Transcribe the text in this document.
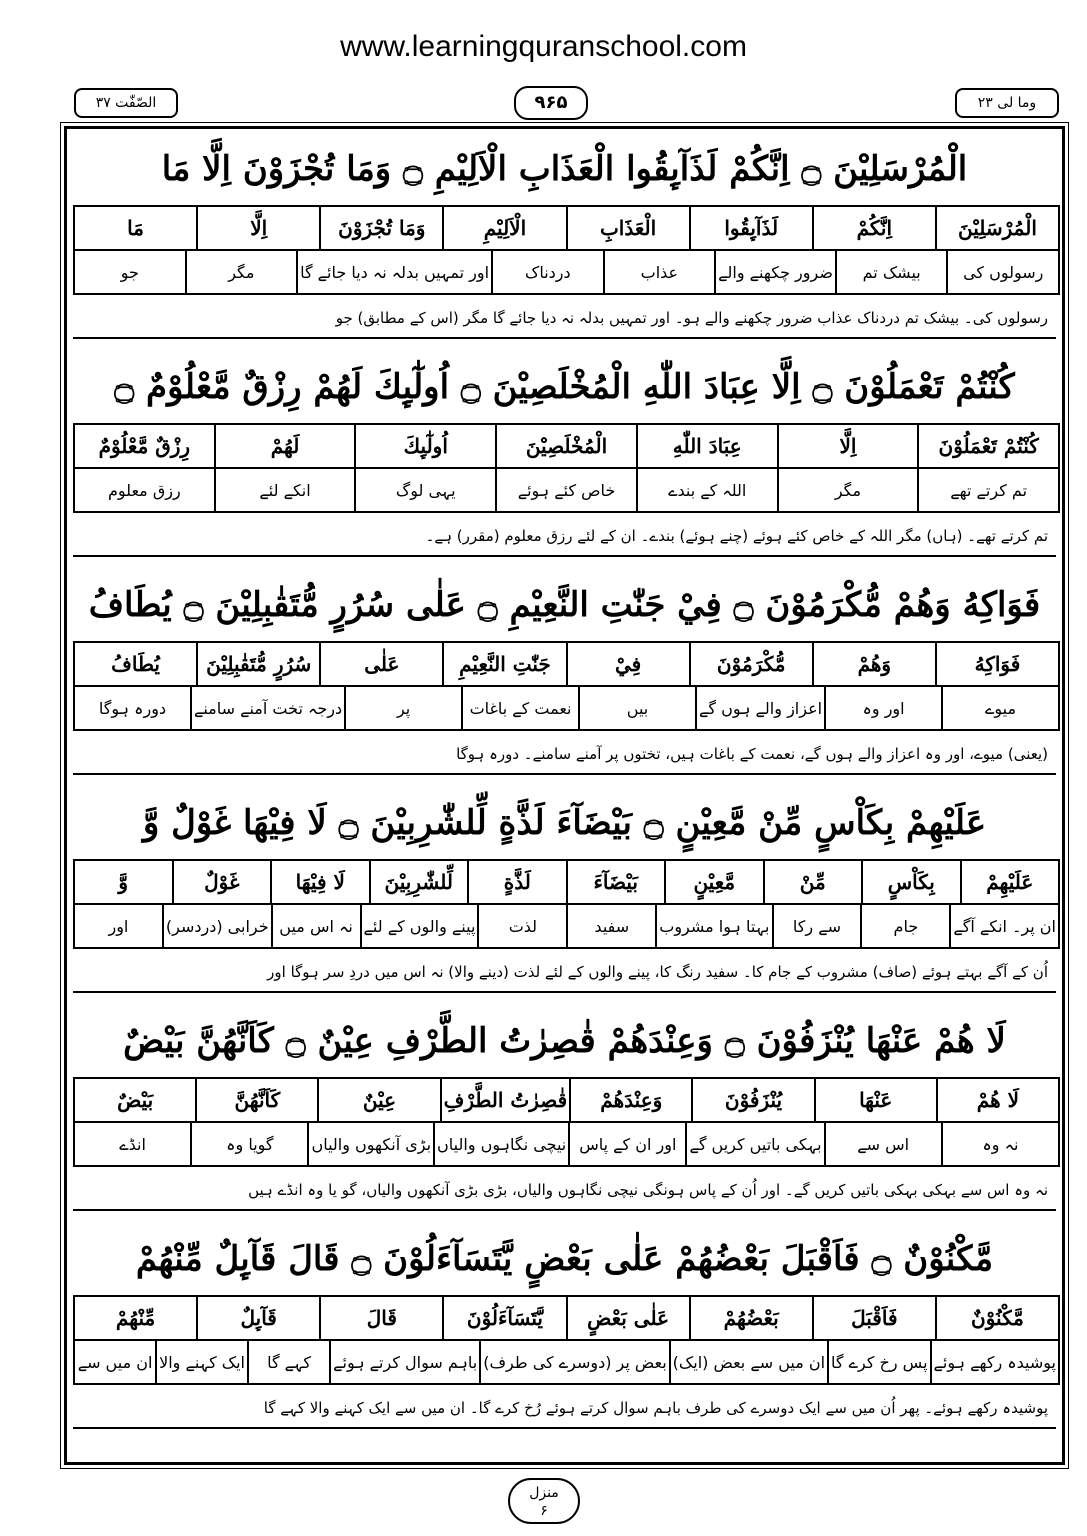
www.learningquranschool.com
الصّفّٰت ۳۷	۹۶۵	وما لی ۲۳
الْمُرْسَلِيْنَ ۝ اِنَّكُمْ لَذَآىِٕقُوا الْعَذَابِ الْاَلِيْمِ ۝ وَمَا تُجْزَوْنَ اِلَّا مَا
الْمُرْسَلِيْنَ
اِنَّكُمْ
لَذَآىِٕقُوا
الْعَذَابِ
الْاَلِيْمِ
وَمَا تُجْزَوْنَ
اِلَّا
مَا
رسولوں کی
بیشک تم
ضرور چکھنے والے
عذاب
دردناک
اور تمہیں بدلہ نہ دیا جائے گا
مگر
جو
رسولوں کی۔ بیشک تم دردناک عذاب ضرور چکھنے والے ہو۔ اور تمہیں بدلہ نہ دیا جائے گا مگر (اس کے مطابق) جو
كُنْتُمْ تَعْمَلُوْنَ ۝ اِلَّا عِبَادَ اللّٰهِ الْمُخْلَصِيْنَ ۝ اُولٰٓىِٕكَ لَهُمْ رِزْقٌ مَّعْلُوْمٌ ۝
كُنْتُمْ تَعْمَلُوْنَ
اِلَّا
عِبَادَ اللّٰهِ
الْمُخْلَصِيْنَ
اُولٰٓىِٕكَ
لَهُمْ
رِزْقٌ مَّعْلُوْمٌ
تم کرتے تھے
مگر
اللہ کے بندے
خاص کئے ہوئے
یہی لوگ
انکے لئے
رزق معلوم
تم کرتے تھے۔ (ہاں) مگر اللہ کے خاص کئے ہوئے (چنے ہوئے) بندے۔ ان کے لئے رزق معلوم (مقرر) ہے۔
فَوَاكِهُ وَهُمْ مُّكْرَمُوْنَ ۝ فِيْ جَنّٰتِ النَّعِيْمِ ۝ عَلٰى سُرُرٍ مُّتَقٰبِلِيْنَ ۝ يُطَافُ
فَوَاكِهُ
وَهُمْ
مُّكْرَمُوْنَ
فِيْ
جَنّٰتِ النَّعِيْمِ
عَلٰى
سُرُرٍ مُّتَقٰبِلِيْنَ
يُطَافُ
میوے
اور وہ
اعزاز والے ہوں گے
بیں
نعمت کے باغات
پر
درجہ تخت آمنے سامنے
دورہ ہوگا
(یعنی) میوے، اور وہ اعزاز والے ہوں گے، نعمت کے باغات ہیں، تختوں پر آمنے سامنے۔ دورہ ہوگا
عَلَيْهِمْ بِكَاْسٍ مِّنْ مَّعِيْنٍ ۝ بَيْضَآءَ لَذَّةٍ لِّلشّٰرِبِيْنَ ۝ لَا فِيْهَا غَوْلٌ وَّ
عَلَيْهِمْ
بِكَاْسٍ
مِّنْ
مَّعِيْنٍ
بَيْضَآءَ
لَذَّةٍ
لِّلشّٰرِبِيْنَ
لَا فِيْهَا
غَوْلٌ
وَّ
ان پر۔ انکے آگے
جام
سے رکا
بہتا ہوا مشروب
سفید
لذت
پینے والوں کے لئے
نہ اس میں
خرابی (دردسر)
اور
اُن کے آگے بہتے ہوئے (صاف) مشروب کے جام کا۔ سفید رنگ کا، پینے والوں کے لئے لذت (دینے والا) نہ اس میں دردِ سر ہوگا اور
لَا هُمْ عَنْهَا يُنْزَفُوْنَ ۝ وَعِنْدَهُمْ قٰصِرٰتُ الطَّرْفِ عِيْنٌ ۝ كَاَنَّهُنَّ بَيْضٌ
لَا هُمْ
عَنْهَا
يُنْزَفُوْنَ
وَعِنْدَهُمْ
قٰصِرٰتُ الطَّرْفِ
عِيْنٌ
كَاَنَّهُنَّ
بَيْضٌ
نہ وہ
اس سے
بہکی باتیں کریں گے
اور ان کے پاس
نیچی نگاہوں والیاں
بڑی آنکھوں والیاں
گویا وہ
انڈے
نہ وہ اس سے بہکی بہکی باتیں کریں گے۔ اور اُن کے پاس ہونگی نیچی نگاہوں والیاں، بڑی بڑی آنکھوں والیاں، گو یا وہ انڈے ہیں
مَّكْنُوْنٌ ۝ فَاَقْبَلَ بَعْضُهُمْ عَلٰى بَعْضٍ يَّتَسَآءَلُوْنَ ۝ قَالَ قَآىِٕلٌ مِّنْهُمْ
مَّكْنُوْنٌ
فَاَقْبَلَ
بَعْضُهُمْ
عَلٰى بَعْضٍ
يَّتَسَآءَلُوْنَ
قَالَ
قَآىِٕلٌ
مِّنْهُمْ
پوشیدہ رکھے ہوئے
پس رخ کرے گا
ان میں سے بعض (ایک)
بعض پر (دوسرے کی طرف)
باہم سوال کرتے ہوئے
کہے گا
ایک کہنے والا
ان میں سے
پوشیدہ رکھے ہوئے۔ پھر اُن میں سے ایک دوسرے کی طرف باہم سوال کرتے ہوئے رُخ کرے گا۔ ان میں سے ایک کہنے والا کہے گا
منزل
۶
